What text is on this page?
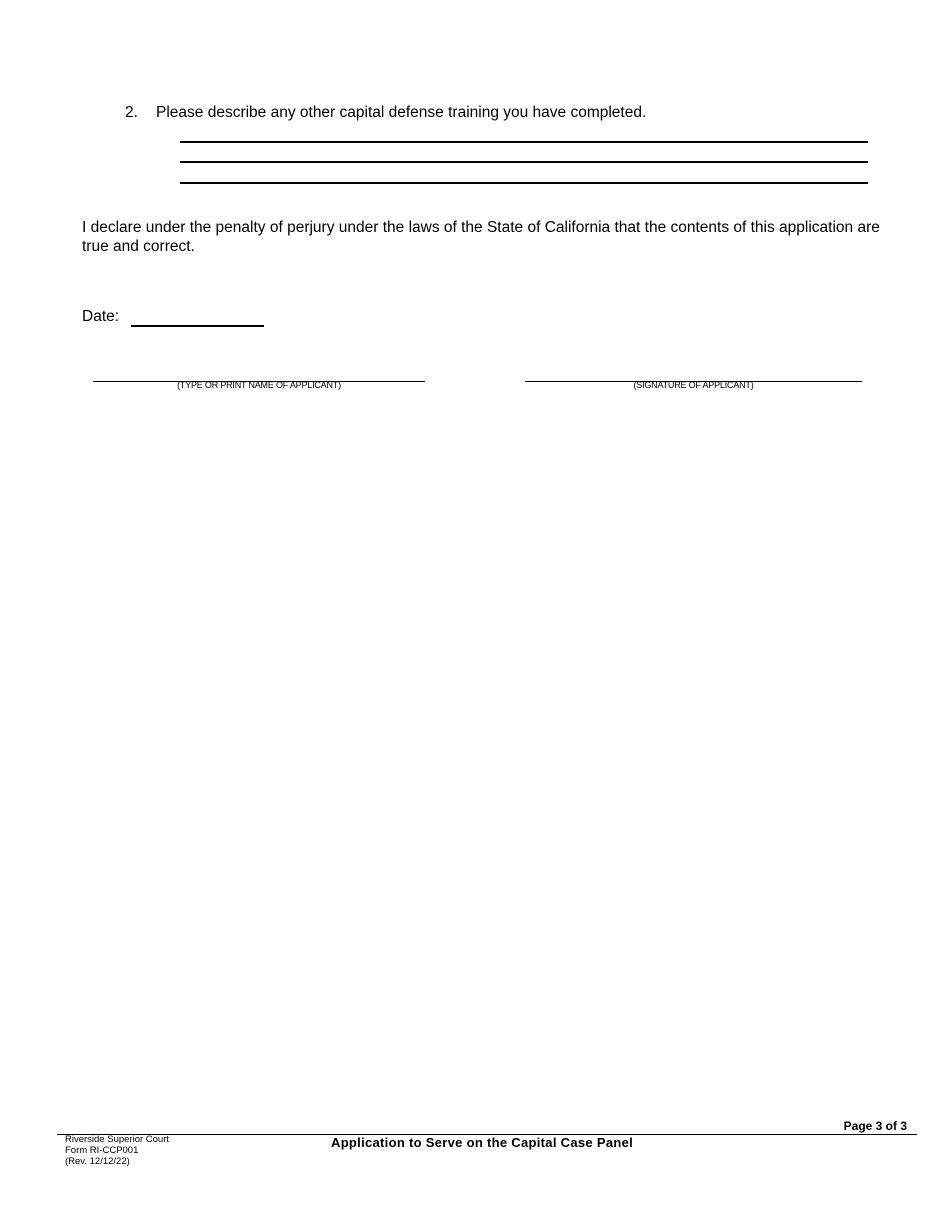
2. Please describe any other capital defense training you have completed.
I declare under the penalty of perjury under the laws of the State of California that the contents of this application are true and correct.
Date:
(TYPE OR PRINT NAME OF APPLICANT)	(SIGNATURE OF APPLICANT)
Page 3 of 3
Riverside Superior Court
Form RI-CCP001
(Rev. 12/12/22)
Application to Serve on the Capital Case Panel
